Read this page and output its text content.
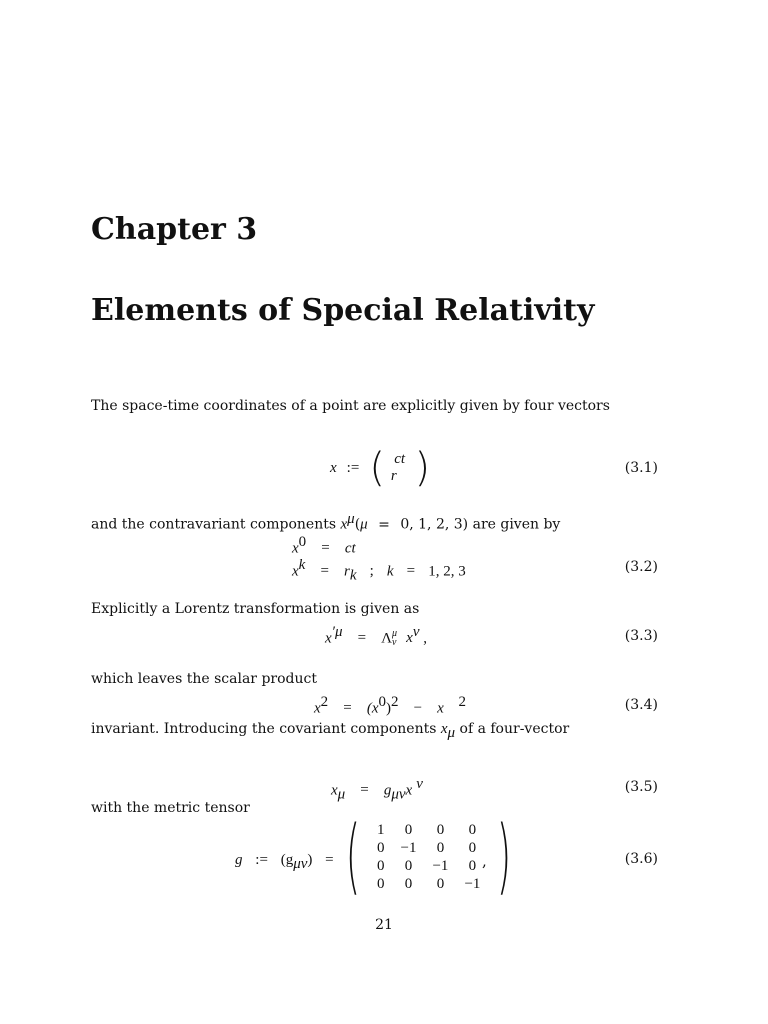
Chapter 3
Elements of Special Relativity
The space-time coordinates of a point are explicitly given by four vectors
x := ( ct
r⃗ )	(3.1)
and the contravariant components $x^\mu(\mu = 0$, 1, 2, 3) are given by
$x^0$ = ct
$x^k = r_k$ ; k = 1, 2, 3	(3.2)
Explicitly a Lorentz transformation is given as
$x^{'\mu} = \Lambda$ μ
ν $x^\nu$ ,	(3.3)
which leaves the scalar product
$x^2 = (x^0)^2$ − x⃗ $^2$	(3.4)
invariant. Introducing the covariant components $x_\mu$ of a four-vector
$x_\mu = g_{\mu\nu}x$ $^\nu$	(3.5)
with the metric tensor
g := $(g_{\mu\nu})$ = ( 1	0	0	0
0	−1	0	0
0	0	−1	0
0	0	0	−1 )
,	(3.6)
21
